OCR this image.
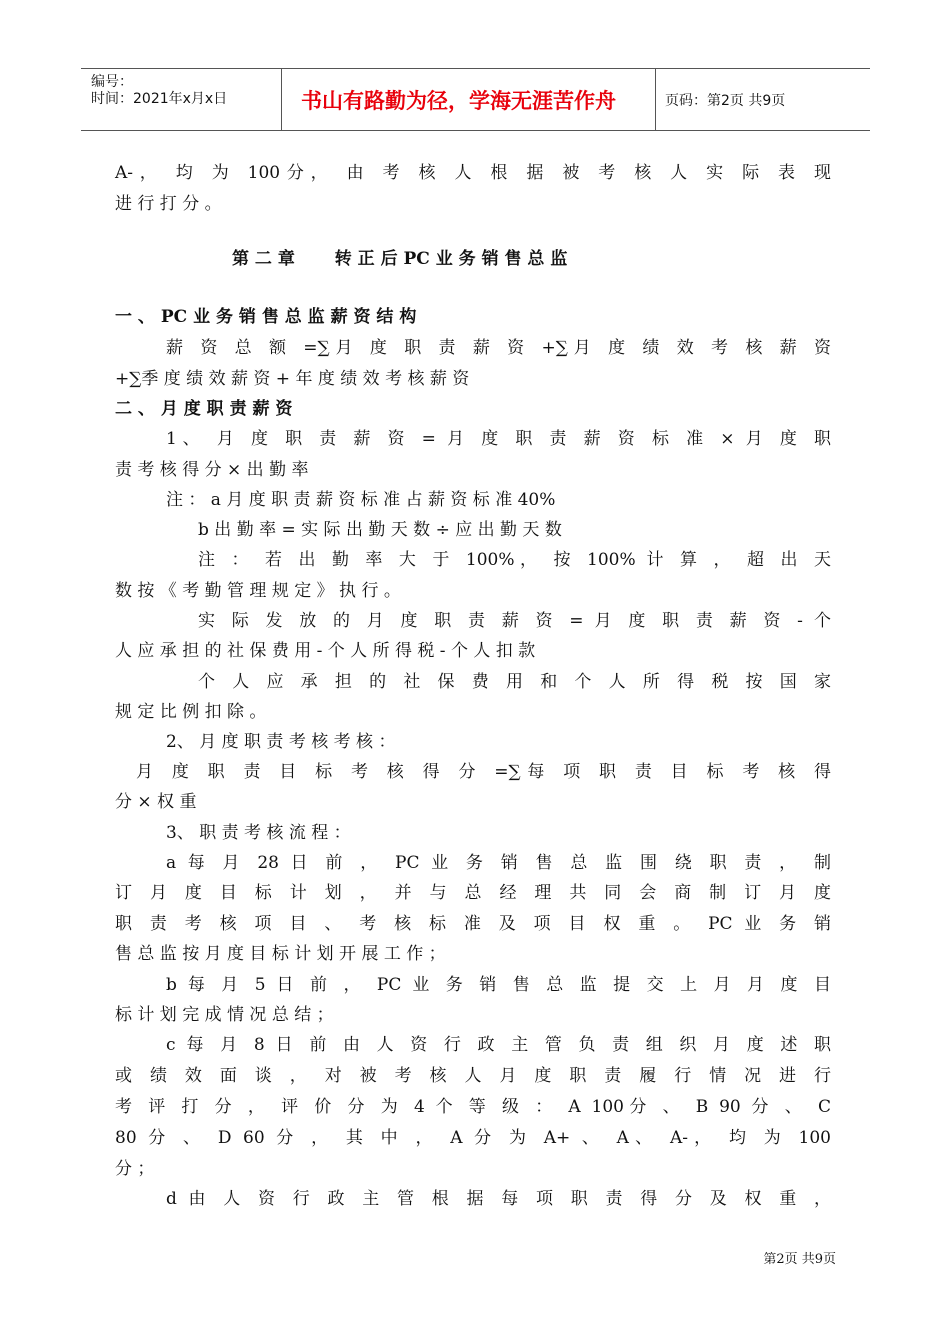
编号：
时间：2021年x月x日	书山有路勤为径，学海无涯苦作舟	页码：第2页 共9页
A-， 均 为 100分， 由 考 核 人 根 据 被 考 核 人 实 际 表 现
进 行 打 分 。
第 二 章　　 转 正 后 PC 业 务 销 售 总 监
一 、 PC 业 务 销 售 总 监 薪 资 结 构
薪 资 总 额 =∑月 度 职 责 薪 资 +∑月 度 绩 效 考 核 薪 资
+∑季 度 绩 效 薪 资 + 年 度 绩 效 考 核 薪 资
二 、 月 度 职 责 薪 资
1、 月 度 职 责 薪 资 = 月 度 职 责 薪 资 标 准 × 月 度 职
责 考 核 得 分 × 出 勤 率
注 ： a 月 度 职 责 薪 资 标 准 占 薪 资 标 准 40%
b 出 勤 率 = 实 际 出 勤 天 数 ÷ 应 出 勤 天 数
注 ： 若 出 勤 率 大 于 100%， 按 100% 计 算 ， 超 出 天
数 按 《 考 勤 管 理 规 定 》 执 行 。
实 际 发 放 的 月 度 职 责 薪 资 = 月 度 职 责 薪 资 - 个
人 应 承 担 的 社 保 费 用 - 个 人 所 得 税 - 个 人 扣 款
个 人 应 承 担 的 社 保 费 用 和 个 人 所 得 税 按 国 家
规 定 比 例 扣 除 。
2、 月 度 职 责 考 核 考 核 ：
月 度 职 责 目 标 考 核 得 分 =∑每 项 职 责 目 标 考 核 得
分 × 权 重
3、 职 责 考 核 流 程 ：
a 每 月 28 日 前 ， PC 业 务 销 售 总 监 围 绕 职 责 ， 制
订 月 度 目 标 计 划 ， 并 与 总 经 理 共 同 会 商 制 订 月 度
职 责 考 核 项 目 、 考 核 标 准 及 项 目 权 重 。 PC 业 务 销
售 总 监 按 月 度 目 标 计 划 开 展 工 作 ；
b 每 月 5 日 前 ， PC 业 务 销 售 总 监 提 交 上 月 月 度 目
标 计 划 完 成 情 况 总 结 ；
c 每 月 8 日 前 由 人 资 行 政 主 管 负 责 组 织 月 度 述 职
或 绩 效 面 谈 ， 对 被 考 核 人 月 度 职 责 履 行 情 况 进 行
考 评 打 分 ， 评 价 分 为 4 个 等 级 ： A 100分 、 B 90 分 、 C
80 分 、 D 60 分 ， 其 中 ， A 分 为 A+ 、 A、 A-， 均 为 100
分 ；
d 由 人 资 行 政 主 管 根 据 每 项 职 责 得 分 及 权 重 ，
第2页 共9页
